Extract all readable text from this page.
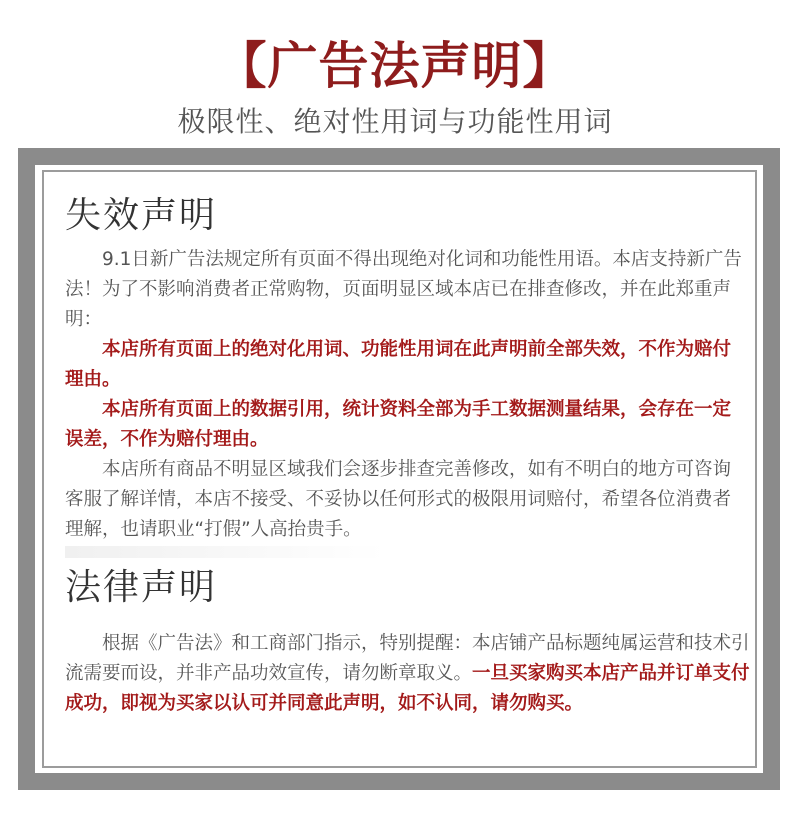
【广告法声明】
极限性、绝对性用词与功能性用词
失效声明
9.1日新广告法规定所有页面不得出现绝对化词和功能性用语。本店支持新广告
法！为了不影响消费者正常购物，页面明显区域本店已在排查修改，并在此郑重声
明：
本店所有页面上的绝对化用词、功能性用词在此声明前全部失效，不作为赔付
理由。
本店所有页面上的数据引用，统计资料全部为手工数据测量结果，会存在一定
误差，不作为赔付理由。
本店所有商品不明显区域我们会逐步排查完善修改，如有不明白的地方可咨询
客服了解详情，本店不接受、不妥协以任何形式的极限用词赔付，希望各位消费者
理解，也请职业“打假”人高抬贵手。
法律声明
根据《广告法》和工商部门指示，特别提醒：本店铺产品标题纯属运营和技术引
流需要而设，并非产品功效宣传，请勿断章取义。一旦买家购买本店产品并订单支付
成功，即视为买家以认可并同意此声明，如不认同，请勿购买。
